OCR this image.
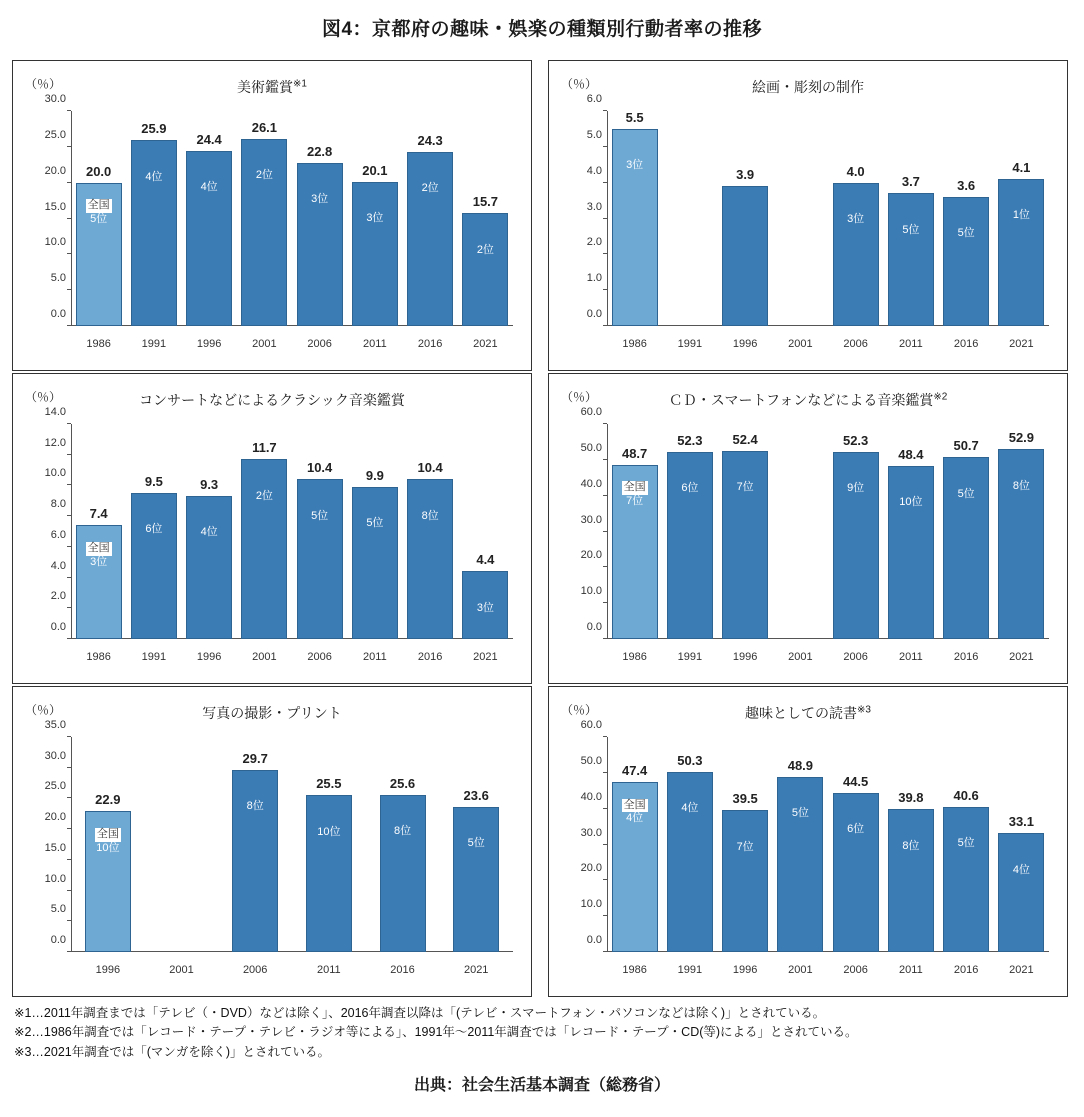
図4：京都府の趣味・娯楽の種類別行動者率の推移
（％）	美術鑑賞$^{※1}$
0.0
5.0
10.0
15.0
20.0
25.0
30.0
20.0
全国
5位
25.9
4位
24.4
4位
26.1
2位
22.8
3位
20.1
3位
24.3
2位
15.7
2位
1986	1991	1996	2001	2006	2011	2016	2021
（％）	絵画・彫刻の制作
0.0
1.0
2.0
3.0
4.0
5.0
6.0
5.5
3位
3.9	4.0
3位
3.7
5位
3.6
5位
4.1
1位
1986	1991	1996	2001	2006	2011	2016	2021
（％）	コンサートなどによるクラシック音楽鑑賞
0.0
2.0
4.0
6.0
8.0
10.0
12.0
14.0
7.4
全国
3位
9.5
6位
9.3
4位
11.7
2位
10.4
5位
9.9
5位
10.4
8位
4.4
3位
1986	1991	1996	2001	2006	2011	2016	2021
（％）	ＣＤ・スマートフォンなどによる音楽鑑賞$^{※2}$
0.0
10.0
20.0
30.0
40.0
50.0
60.0
48.7
全国
7位
52.3
6位
52.4
7位
52.3
9位
48.4
10位
50.7
5位
52.9
8位
1986	1991	1996	2001	2006	2011	2016	2021
（％）	写真の撮影・プリント
0.0
5.0
10.0
15.0
20.0
25.0
30.0
35.0
22.9
全国
10位
29.7
8位
25.5
10位
25.6
8位
23.6
5位
1996	2001	2006	2011	2016	2021
（％）	趣味としての読書$^{※3}$
0.0
10.0
20.0
30.0
40.0
50.0
60.0
47.4
全国
4位
50.3
4位
39.5
7位
48.9
5位
44.5
6位
39.8
8位
40.6
5位
33.1
4位
1986	1991	1996	2001	2006	2011	2016	2021
※1…2011年調査までは「テレビ（・DVD）などは除く」、2016年調査以降は「(テレビ・スマートフォン・パソコンなどは除く)」とされている。
※2…1986年調査では「レコード・テープ・テレビ・ラジオ等による」、1991年～2011年調査では「レコード・テープ・CD(等)による」とされている。
※3…2021年調査では「(マンガを除く)」とされている。
出典：社会生活基本調査（総務省）
